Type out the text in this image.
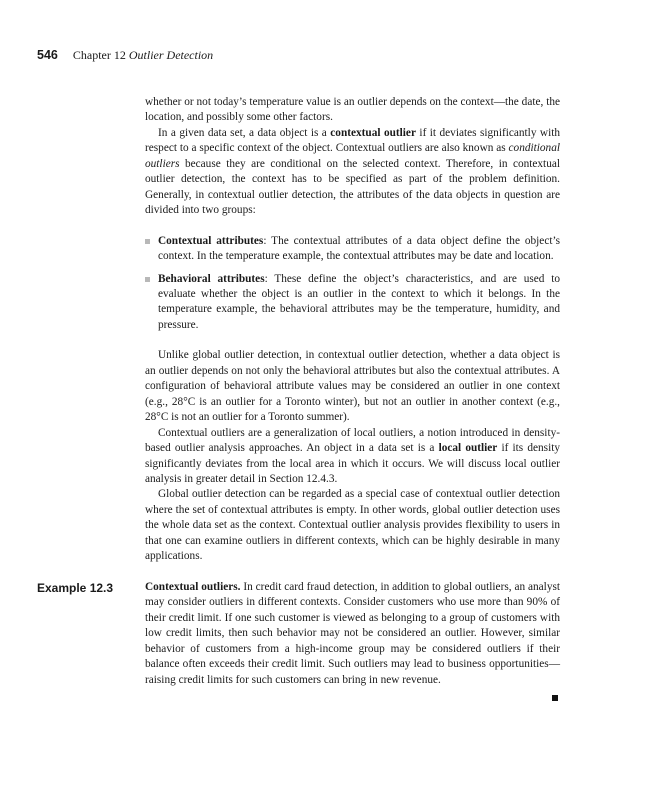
546 Chapter 12 Outlier Detection

whether or not today’s temperature value is an outlier depends on the context—the date, the location, and possibly some other factors.

In a given data set, a data object is a contextual outlier if it deviates significantly with respect to a specific context of the object. Contextual outliers are also known as conditional outliers because they are conditional on the selected context. Therefore, in contextual outlier detection, the context has to be specified as part of the problem definition. Generally, in contextual outlier detection, the attributes of the data objects in question are divided into two groups:

Contextual attributes: The contextual attributes of a data object define the object’s context. In the temperature example, the contextual attributes may be date and location.
Behavioral attributes: These define the object’s characteristics, and are used to evaluate whether the object is an outlier in the context to which it belongs. In the temperature example, the behavioral attributes may be the temperature, humidity, and pressure.

Unlike global outlier detection, in contextual outlier detection, whether a data object is an outlier depends on not only the behavioral attributes but also the contextual attributes. A configuration of behavioral attribute values may be considered an outlier in one context (e.g., 28°C is an outlier for a Toronto winter), but not an outlier in another context (e.g., 28°C is not an outlier for a Toronto summer).

Contextual outliers are a generalization of local outliers, a notion introduced in density-based outlier analysis approaches. An object in a data set is a local outlier if its density significantly deviates from the local area in which it occurs. We will discuss local outlier analysis in greater detail in Section 12.4.3.

Global outlier detection can be regarded as a special case of contextual outlier detection where the set of contextual attributes is empty. In other words, global outlier detection uses the whole data set as the context. Contextual outlier analysis provides flexibility to users in that one can examine outliers in different contexts, which can be highly desirable in many applications.

Example 12.3	Contextual outliers. In credit card fraud detection, in addition to global outliers, an analyst may consider outliers in different contexts. Consider customers who use more than 90% of their credit limit. If one such customer is viewed as belonging to a group of customers with low credit limits, then such behavior may not be considered an outlier. However, similar behavior of customers from a high-income group may be considered outliers if their balance often exceeds their credit limit. Such outliers may lead to business opportunities—raising credit limits for such customers can bring in new revenue.
